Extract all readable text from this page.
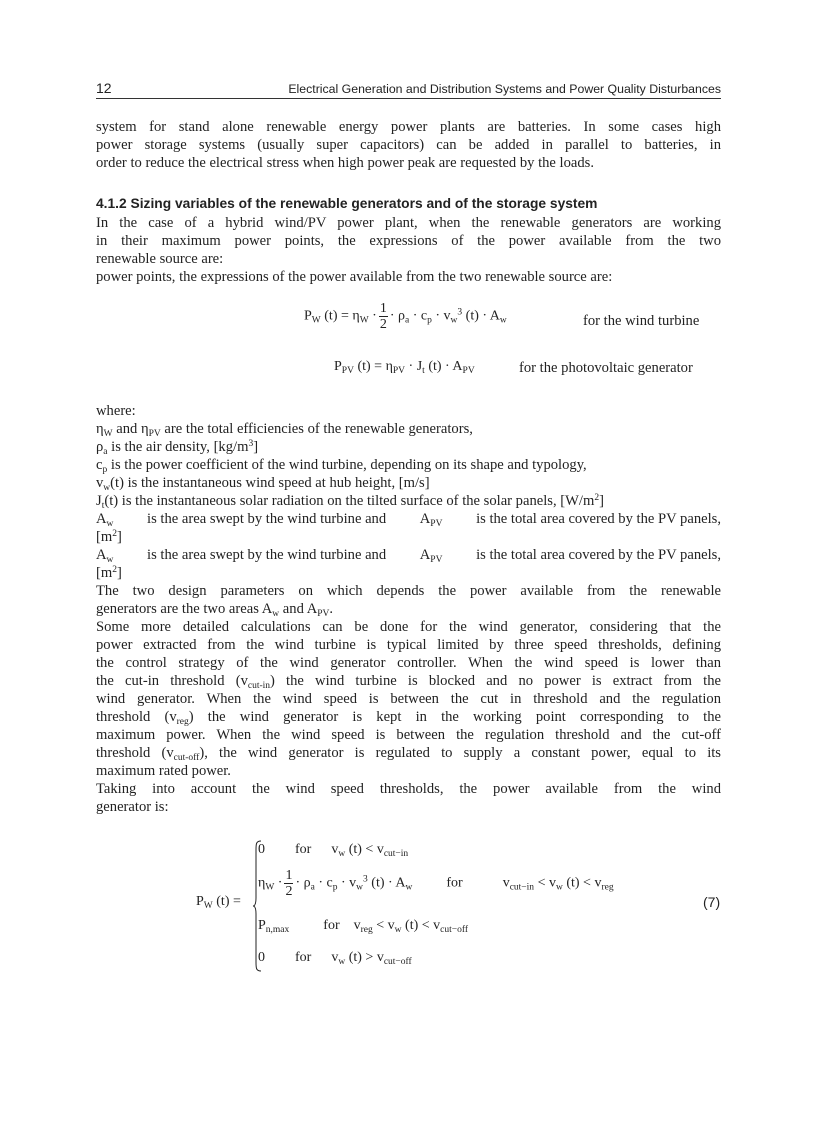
12	Electrical Generation and Distribution Systems and Power Quality Disturbances
system for stand alone renewable energy power plants are batteries. In some cases high
power storage systems (usually super capacitors) can be added in parallel to batteries, in
order to reduce the electrical stress when high power peak are requested by the loads.
4.1.2 Sizing variables of the renewable generators and of the storage system
In the case of a hybrid wind/PV power plant, when the renewable generators are working
in their maximum power points, the expressions of the power available from the two
renewable source are:
power points, the expressions of the power available from the two renewable source are:
$P_W$ $(t) = \eta_W \cdot \frac{1}{2} \cdot \rho_a \cdot c_p \cdot v_w^3$ $(t) \cdot A_w$	for the wind turbine
$P_{PV}$ $(t) = \eta_{PV} \cdot J_t$ $(t) \cdot A_{PV}$	for the photovoltaic generator
where:
$\eta_W$ and $\eta_{PV}$ are the total efficiencies of the renewable generators,
$\rho_a$ is the air density, $[kg/m^3]$
$c_p$ is the power coefficient of the wind turbine, depending on its shape and typology,
$v_w(t)$ is the instantaneous wind speed at hub height, [m/s]
$J_t(t)$ is the instantaneous solar radiation on the tilted surface of the solar panels, $[W/m^2]$
$A_w$ is the area swept by the wind turbine and $A_{PV}$ is the total area covered by the PV panels,
$[m^2]$
$A_w$ is the area swept by the wind turbine and $A_{PV}$ is the total area covered by the PV panels,
$[m^2]$
The two design parameters on which depends the power available from the renewable
generators are the two areas $A_w$ and $A_{PV}$.
Some more detailed calculations can be done for the wind generator, considering that the
power extracted from the wind turbine is typical limited by three speed thresholds, defining
the control strategy of the wind generator controller. When the wind speed is lower than
the cut-in threshold $(v_{cut-in})$ the wind turbine is blocked and no power is extract from the
wind generator. When the wind speed is between the cut in threshold and the regulation
threshold $(v_{reg})$ the wind generator is kept in the working point corresponding to the
maximum power. When the wind speed is between the regulation threshold and the cut-off
threshold $(v_{cut-off})$, the wind generator is regulated to supply a constant power, equal to its
maximum rated power.
Taking into account the wind speed thresholds, the power available from the wind
generator is:
$P_W$ (t) =
0 for $v_w$ $(t) < v_{cut-in}$
$\eta_W \cdot \frac{1}{2} \cdot \rho_a \cdot c_p \cdot v_w^3$ $(t) \cdot A_w$ for	$v_{cut-in} < v_w$ $(t) < v_{reg}$
$P_{n,max}$ for $v_{reg} < v_w$ $(t) < v_{cut-off}$
0 for $v_w$ $(t) > v_{cut-off}$
(7)
